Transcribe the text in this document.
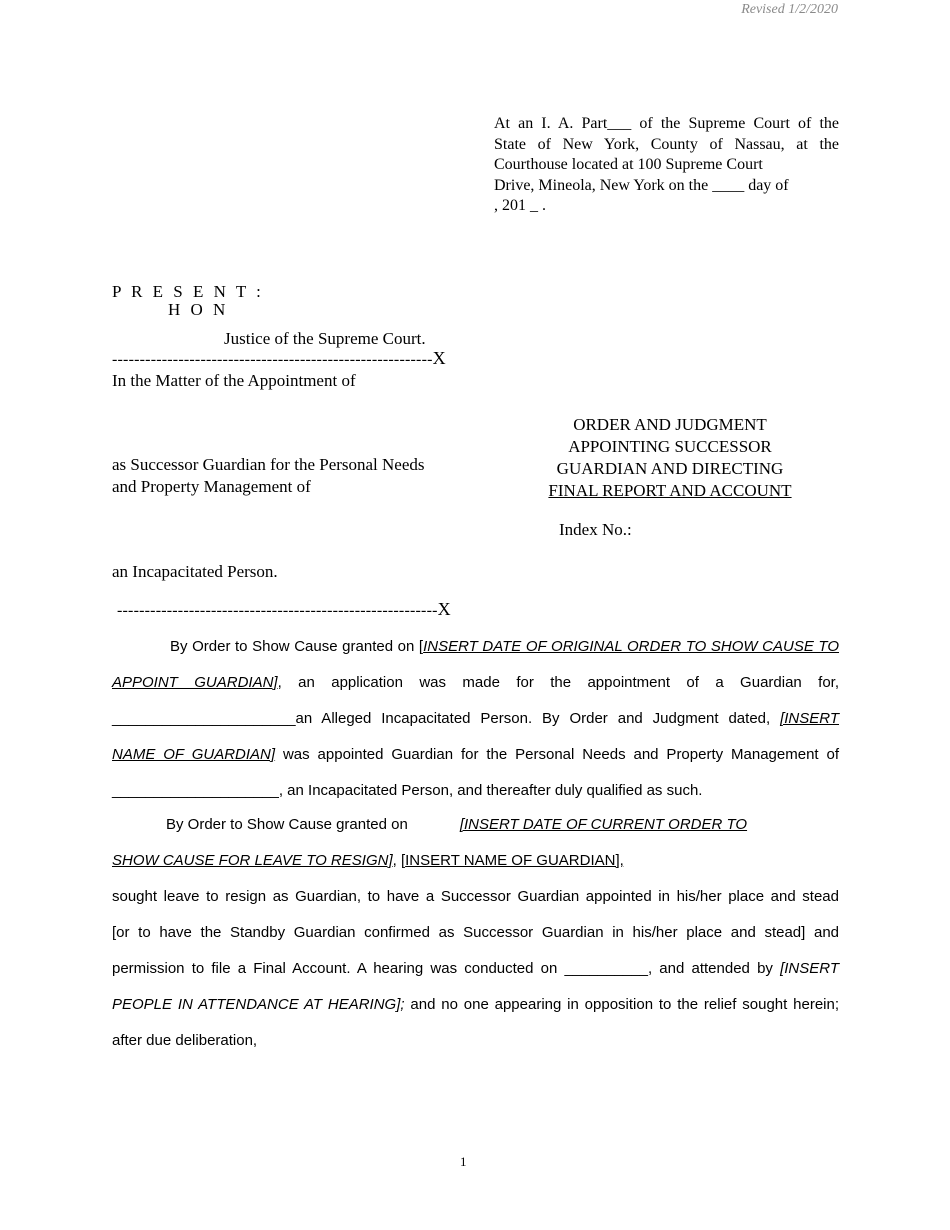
Revised 1/2/2020
At an I. A. Part___ of the Supreme Court of the
State of New York, County of Nassau, at the
Courthouse located at 100 Supreme Court
Drive, Mineola, New York on the ____ day of
, 201 _ .
P R E S E N T :
H O N
Justice of the Supreme Court.
----------------------------------------------------------X
In the Matter of the Appointment of
ORDER AND JUDGMENT
APPOINTING SUCCESSOR
GUARDIAN AND DIRECTING
FINAL REPORT AND ACCOUNT
as Successor Guardian for the Personal Needs
and Property Management of
Index No.:
an Incapacitated Person.
----------------------------------------------------------X
By Order to Show Cause granted on [INSERT DATE OF ORIGINAL ORDER TO SHOW CAUSE TO
APPOINT GUARDIAN], an application was made for the appointment of a Guardian for,
______________________an Alleged Incapacitated Person. By Order and Judgment dated, [INSERT
NAME OF GUARDIAN] was appointed Guardian for the Personal Needs and Property Management of
____________________, an Incapacitated Person, and thereafter duly qualified as such.
By Order to Show Cause granted on	[INSERT DATE OF CURRENT ORDER TO
SHOW CAUSE FOR LEAVE TO RESIGN], [INSERT NAME OF GUARDIAN],
sought leave to resign as Guardian, to have a Successor Guardian appointed in his/her place and stead
[or to have the Standby Guardian confirmed as Successor Guardian in his/her place and stead] and
permission to file a Final Account. A hearing was conducted on __________, and attended by [INSERT
PEOPLE IN ATTENDANCE AT HEARING]; and no one appearing in opposition to the relief sought herein;
after due deliberation,
1
